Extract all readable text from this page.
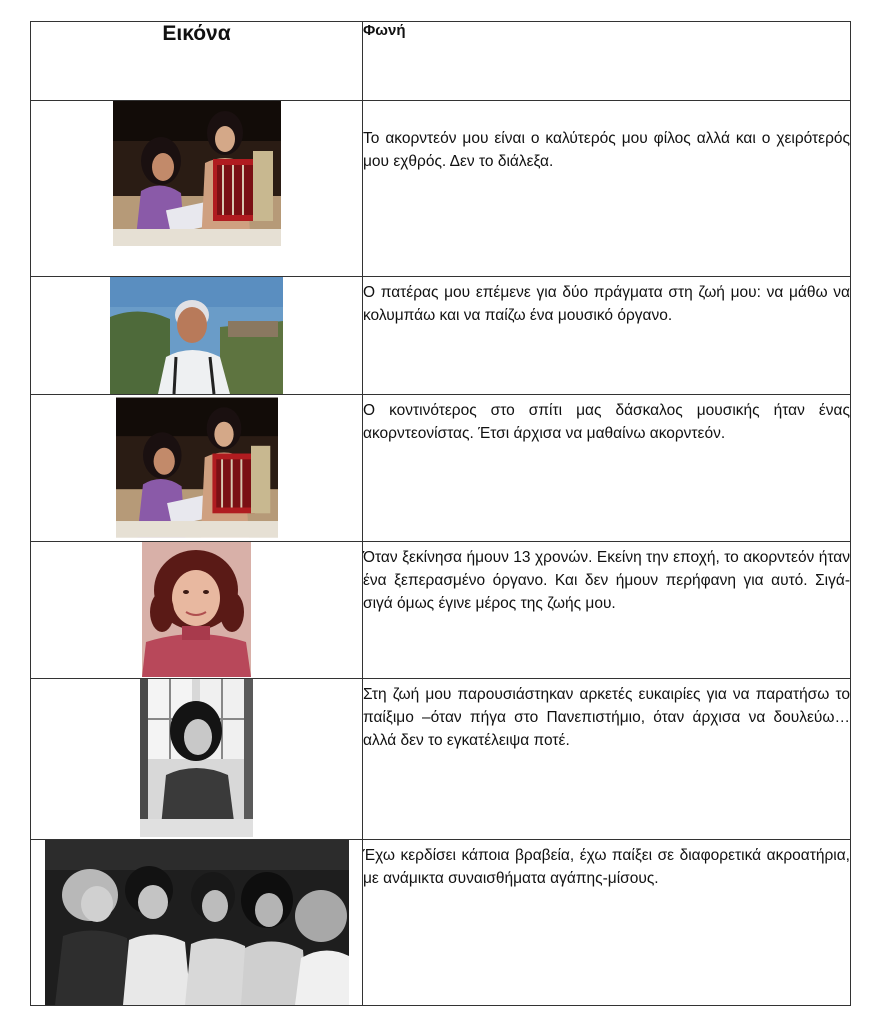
Εικόνα	Φωνή

	Το ακορντεόν μου είναι ο καλύτερός μου φίλος αλλά και ο χειρότερός μου εχθρός. Δεν το διάλεξα.

	Ο πατέρας μου επέμενε για δύο πράγματα στη ζωή μου: να μάθω να κολυμπάω και να παίζω ένα μουσικό όργανο.

	Ο κοντινότερος στο σπίτι μας δάσκαλος μουσικής ήταν ένας ακορντεονίστας. Έτσι άρχισα να μαθαίνω ακορντεόν.

	Όταν ξεκίνησα ήμουν 13 χρονών. Εκείνη την εποχή, το ακορντεόν ήταν ένα ξεπερασμένο όργανο. Και δεν ήμουν περήφανη για αυτό. Σιγά-σιγά όμως έγινε μέρος της ζωής μου.

	Στη ζωή μου παρουσιάστηκαν αρκετές ευκαιρίες για να παρατήσω το παίξιμο –όταν πήγα στο Πανεπιστήμιο, όταν άρχισα να δουλεύω… αλλά δεν το εγκατέλειψα ποτέ.

	Έχω κερδίσει κάποια βραβεία, έχω παίξει σε διαφορετικά ακροατήρια, με ανάμικτα συναισθήματα αγάπης-μίσους.
